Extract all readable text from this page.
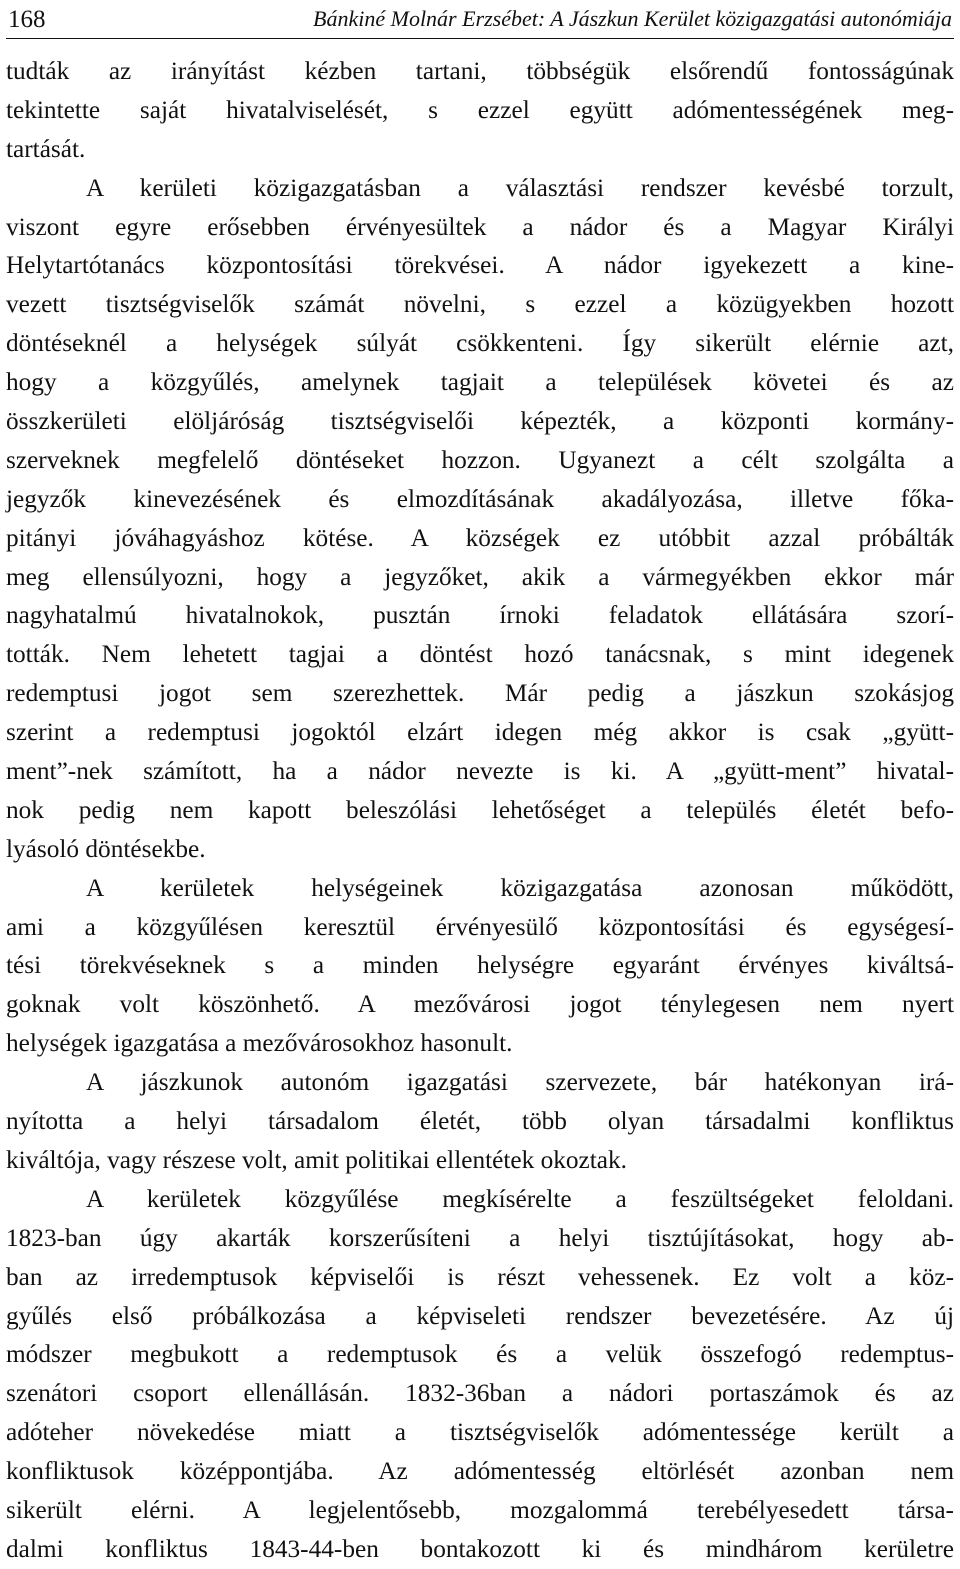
168	Bánkiné Molnár Erzsébet: A Jászkun Kerület közigazgatási autonómiája
tudták az irányítást kézben tartani, többségük elsőrendű fontosságúnak
tekintette saját hivatalviselését, s ezzel együtt adómentességének meg-
tartását.
A kerületi közigazgatásban a választási rendszer kevésbé torzult,
viszont egyre erősebben érvényesültek a nádor és a Magyar Királyi
Helytartótanács központosítási törekvései. A nádor igyekezett a kine-
vezett tisztségviselők számát növelni, s ezzel a közügyekben hozott
döntéseknél a helységek súlyát csökkenteni. Így sikerült elérnie azt,
hogy a közgyűlés, amelynek tagjait a települések követei és az
összkerületi elöljáróság tisztségviselői képezték, a központi kormány-
szerveknek megfelelő döntéseket hozzon. Ugyanezt a célt szolgálta a
jegyzők kinevezésének és elmozdításának akadályozása, illetve főka-
pitányi jóváhagyáshoz kötése. A községek ez utóbbit azzal próbálták
meg ellensúlyozni, hogy a jegyzőket, akik a vármegyékben ekkor már
nagyhatalmú hivatalnokok, pusztán írnoki feladatok ellátására szorí-
tották. Nem lehetett tagjai a döntést hozó tanácsnak, s mint idegenek
redemptusi jogot sem szerezhettek. Már pedig a jászkun szokásjog
szerint a redemptusi jogoktól elzárt idegen még akkor is csak „gyütt-
ment”-nek számított, ha a nádor nevezte is ki. A „gyütt-ment” hivatal-
nok pedig nem kapott beleszólási lehetőséget a település életét befo-
lyásoló döntésekbe.
A kerületek helységeinek közigazgatása azonosan működött,
ami a közgyűlésen keresztül érvényesülő központosítási és egységesí-
tési törekvéseknek s a minden helységre egyaránt érvényes kiváltsá-
goknak volt köszönhető. A mezővárosi jogot ténylegesen nem nyert
helységek igazgatása a mezővárosokhoz hasonult.
A jászkunok autonóm igazgatási szervezete, bár hatékonyan irá-
nyította a helyi társadalom életét, több olyan társadalmi konfliktus
kiváltója, vagy részese volt, amit politikai ellentétek okoztak.
A kerületek közgyűlése megkísérelte a feszültségeket feloldani.
1823-ban úgy akarták korszerűsíteni a helyi tisztújításokat, hogy ab-
ban az irredemptusok képviselői is részt vehessenek. Ez volt a köz-
gyűlés első próbálkozása a képviseleti rendszer bevezetésére. Az új
módszer megbukott a redemptusok és a velük összefogó redemptus-
szenátori csoport ellenállásán. 1832-36ban a nádori portaszámok és az
adóteher növekedése miatt a tisztségviselők adómentessége került a
konfliktusok középpontjába. Az adómentesség eltörlését azonban nem
sikerült elérni. A legjelentősebb, mozgalommá terebélyesedett társa-
dalmi konfliktus 1843-44-ben bontakozott ki és mindhárom kerületre
